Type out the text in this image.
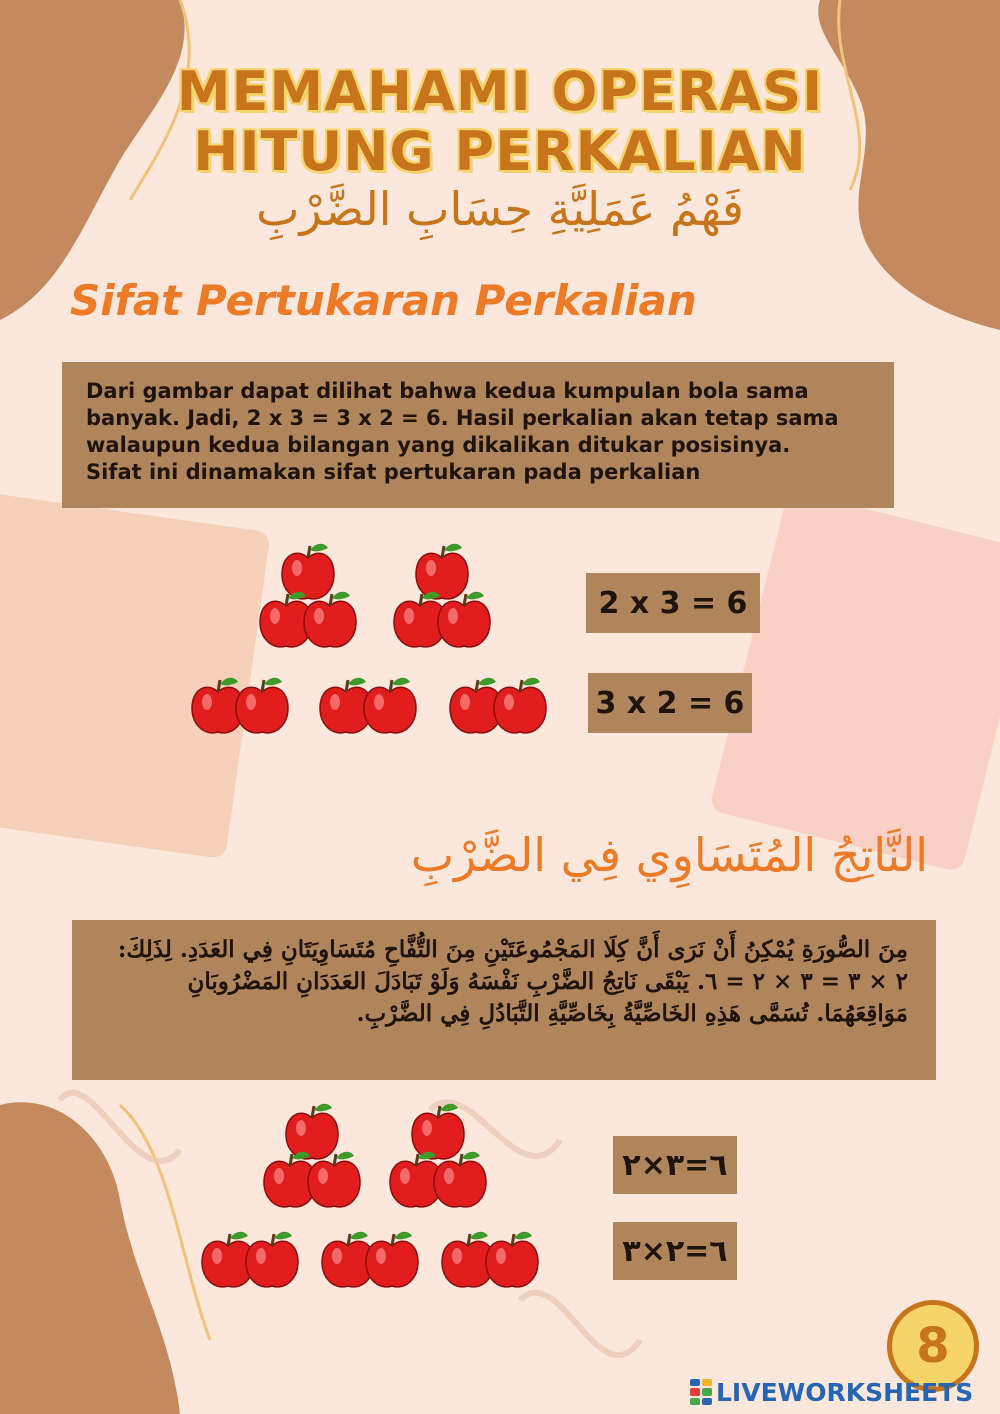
MEMAHAMI OPERASI
HITUNG PERKALIAN
فَهْمُ عَمَلِيَّةِ حِسَابِ الضَّرْبِ
Sifat Pertukaran Perkalian
Dari gambar dapat dilihat bahwa kedua kumpulan bola sama
banyak. Jadi, 2 x 3 = 3 x 2 = 6. Hasil perkalian akan tetap sama
walaupun kedua bilangan yang dikalikan ditukar posisinya.
Sifat ini dinamakan sifat pertukaran pada perkalian
2 x 3 = 6
3 x 2 = 6
النَّاتِجُ المُتَسَاوِي فِي الضَّرْبِ
مِنَ الصُّورَةِ يُمْكِنُ أَنْ نَرَى أَنَّ كِلَا المَجْمُوعَتَيْنِ مِنَ التُّفَّاحِ مُتَسَاوِيَتَانِ فِي العَدَدِ. لِذَلِكَ: ٢ × ٣ = ٣ × ٢ = ٦. يَبْقَى نَاتِجُ الضَّرْبِ نَفْسَهُ وَلَوْ تَبَادَلَ العَدَدَانِ المَضْرُوبَانِ مَوَاقِعَهُمَا. تُسَمَّى هَذِهِ الخَاصِّيَّةُ بِخَاصِّيَّةِ التَّبَادُلِ فِي الضَّرْبِ.
٦=٣×٢
٦=٢×٣
8
LIVEWORKSHEETS
